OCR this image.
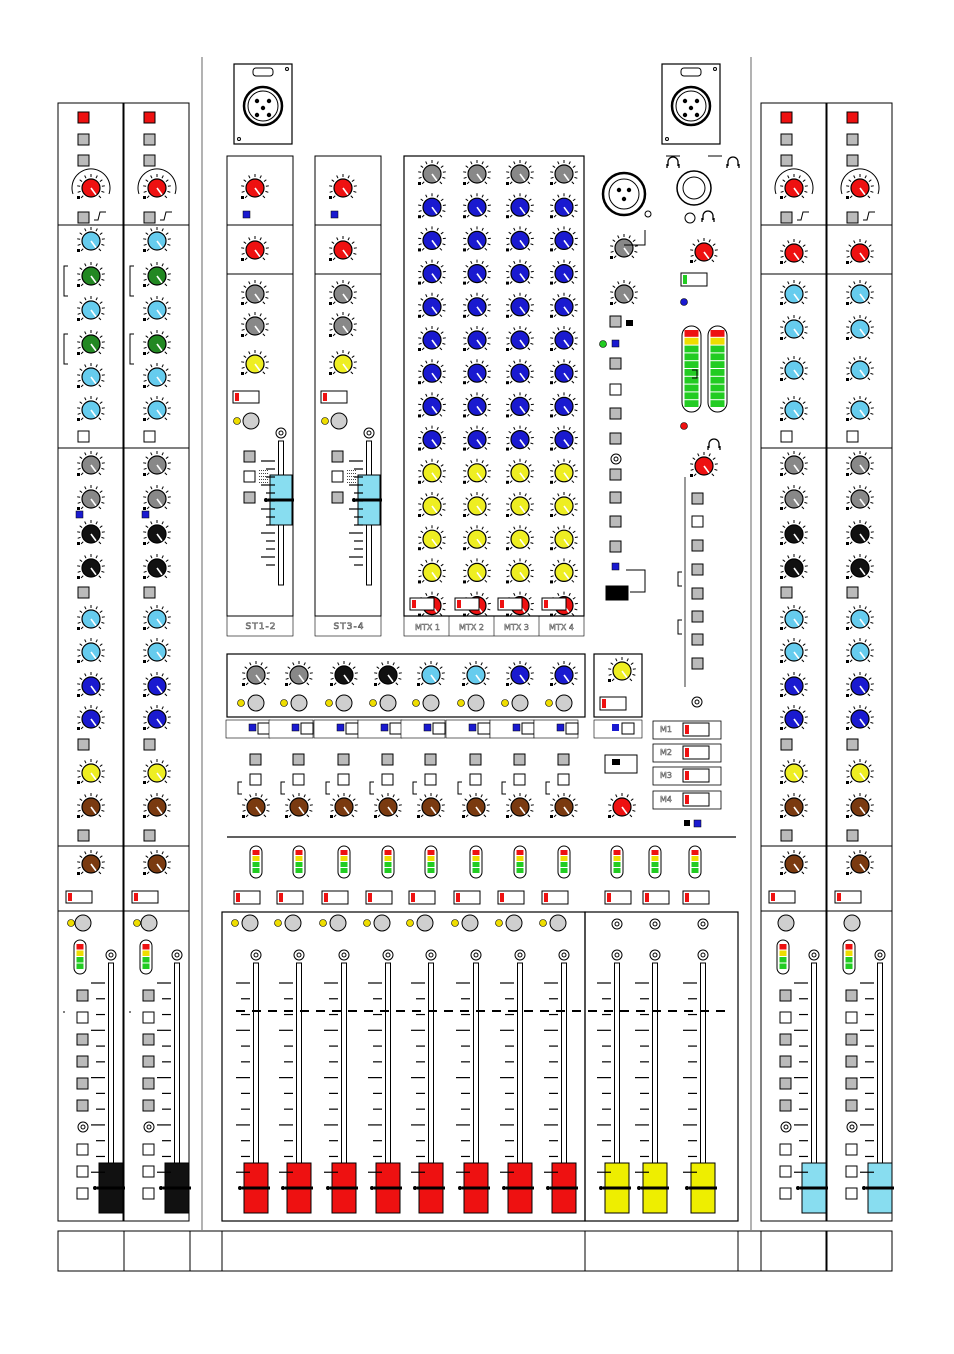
ST1-2	ST3-4	MTX 1	MTX 2	MTX 3	MTX 4
M1
M2
M3
M4
